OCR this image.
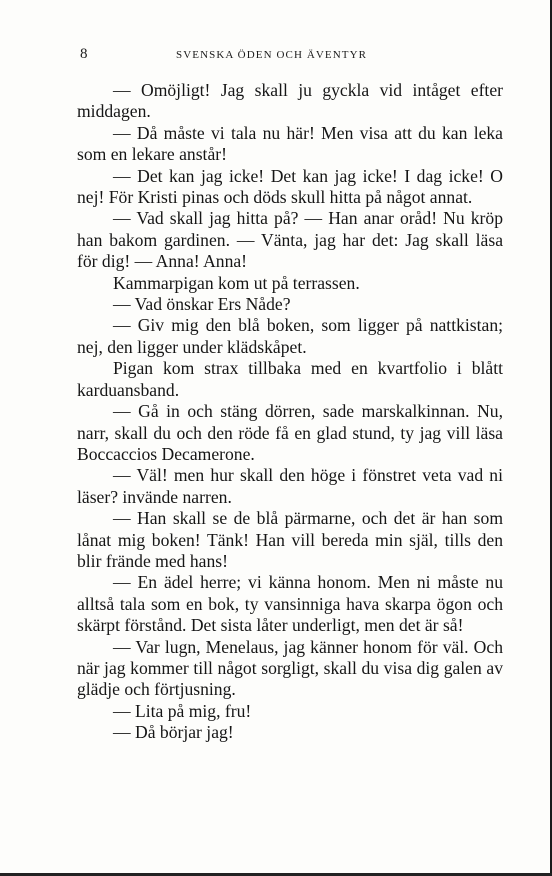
8	SVENSKA ÖDEN OCH ÄVENTYR

— Omöjligt! Jag skall ju gyckla vid intåget efter middagen.

— Då måste vi tala nu här! Men visa att du kan leka som en lekare anstår!

— Det kan jag icke! Det kan jag icke! I dag icke! O nej! För Kristi pinas och döds skull hitta på något annat.

— Vad skall jag hitta på? — Han anar oråd! Nu kröp han bakom gardinen. — Vänta, jag har det: Jag skall läsa för dig! — Anna! Anna!

Kammarpigan kom ut på terrassen.

— Vad önskar Ers Nåde?

— Giv mig den blå boken, som ligger på nattkistan; nej, den ligger under klädskåpet.

Pigan kom strax tillbaka med en kvartfolio i blått karduansband.

— Gå in och stäng dörren, sade marskalkinnan. Nu, narr, skall du och den röde få en glad stund, ty jag vill läsa Boccaccios Decamerone.

— Väl! men hur skall den höge i fönstret veta vad ni läser? invände narren.

— Han skall se de blå pärmarne, och det är han som lånat mig boken! Tänk! Han vill bereda min själ, tills den blir frände med hans!

— En ädel herre; vi känna honom. Men ni måste nu alltså tala som en bok, ty vansinniga hava skarpa ögon och skärpt förstånd. Det sista låter underligt, men det är så!

— Var lugn, Menelaus, jag känner honom för väl. Och när jag kommer till något sorgligt, skall du visa dig galen av glädje och förtjusning.

— Lita på mig, fru!

— Då börjar jag!
